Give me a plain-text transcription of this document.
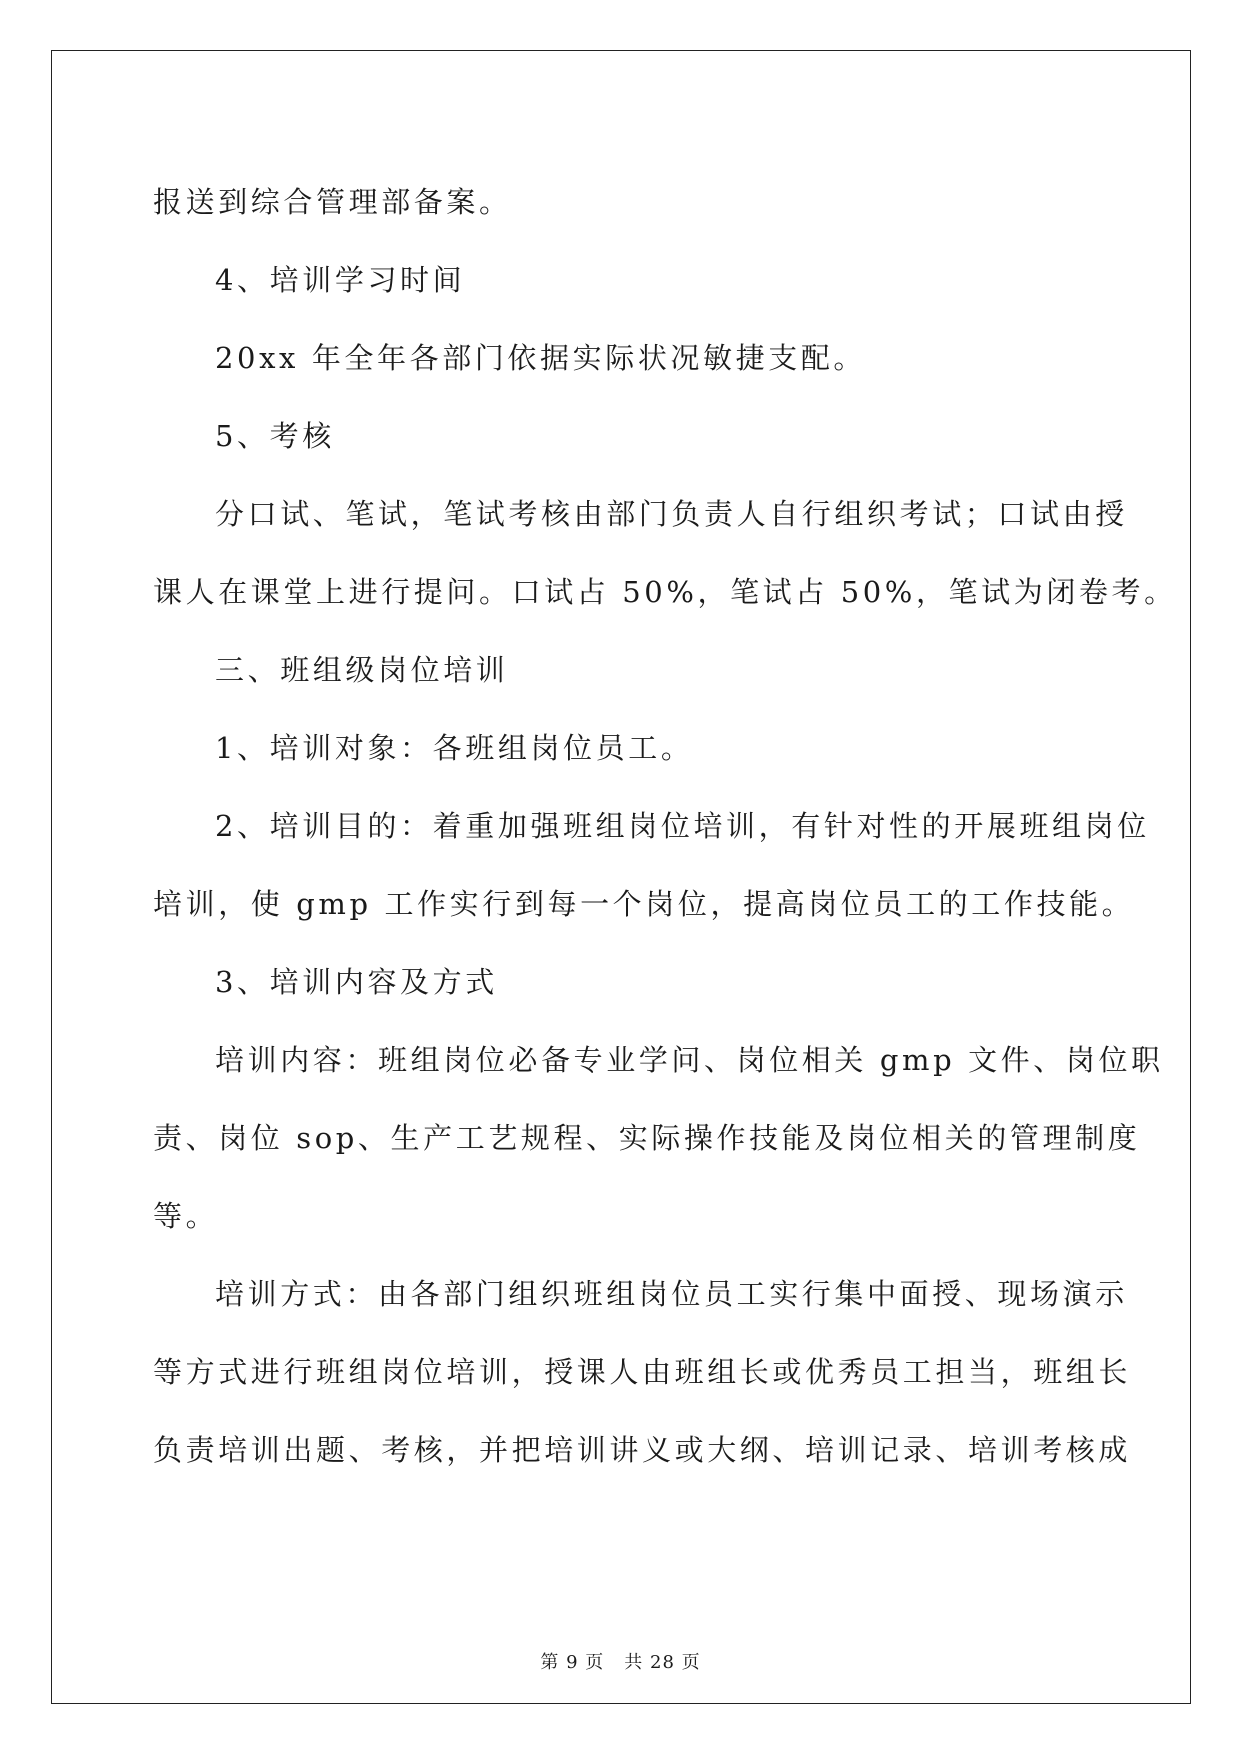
报送到综合管理部备案。

4、培训学习时间

20xx 年全年各部门依据实际状况敏捷支配。

5、考核

分口试、笔试，笔试考核由部门负责人自行组织考试；口试由授

课人在课堂上进行提问。口试占 50%，笔试占 50%，笔试为闭卷考。

三、班组级岗位培训

1、培训对象：各班组岗位员工。

2、培训目的：着重加强班组岗位培训，有针对性的开展班组岗位

培训，使 gmp 工作实行到每一个岗位，提高岗位员工的工作技能。

3、培训内容及方式

培训内容：班组岗位必备专业学问、岗位相关 gmp 文件、岗位职

责、岗位 sop、生产工艺规程、实际操作技能及岗位相关的管理制度

等。

培训方式：由各部门组织班组岗位员工实行集中面授、现场演示

等方式进行班组岗位培训，授课人由班组长或优秀员工担当，班组长

负责培训出题、考核，并把培训讲义或大纲、培训记录、培训考核成

第 9 页 共 28 页
